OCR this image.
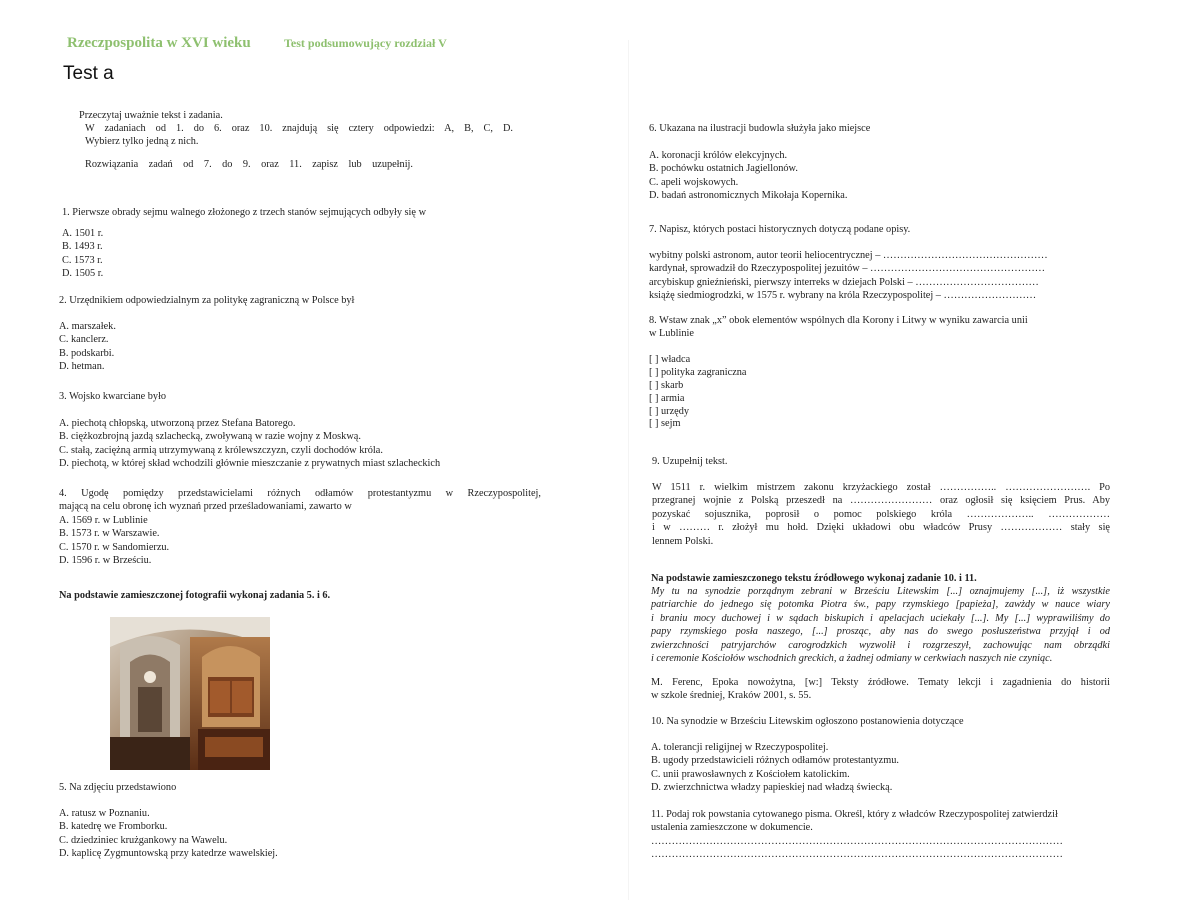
Rzeczpospolita w XVI wieku	Test podsumowujący rozdział V
Test a
Przeczytaj uważnie tekst i zadania.
W zadaniach od 1. do 6. oraz 10. znajdują się cztery odpowiedzi: A, B, C, D.
Wybierz tylko jedną z nich.
Rozwiązania zadań od 7. do 9. oraz 11. zapisz lub uzupełnij.
1. Pierwsze obrady sejmu walnego złożonego z trzech stanów sejmujących odbyły się w
A. 1501 r.
B. 1493 r.
C. 1573 r.
D. 1505 r.
2. Urzędnikiem odpowiedzialnym za politykę zagraniczną w Polsce był
A. marszałek.
C. kanclerz.
B. podskarbi.
D. hetman.
3. Wojsko kwarciane było
A. piechotą chłopską, utworzoną przez Stefana Batorego.
B. ciężkozbrojną jazdą szlachecką, zwoływaną w razie wojny z Moskwą.
C. stałą, zaciężną armią utrzymywaną z królewszczyzn, czyli dochodów króla.
D. piechotą, w której skład wchodzili głównie mieszczanie z prywatnych miast szlacheckich
4. Ugodę pomiędzy przedstawicielami różnych odłamów protestantyzmu w Rzeczypospolitej,
mającą na celu obronę ich wyznań przed prześladowaniami, zawarto w
A. 1569 r. w Lublinie
B. 1573 r. w Warszawie.
C. 1570 r. w Sandomierzu.
D. 1596 r. w Brześciu.
Na podstawie zamieszczonej fotografii wykonaj zadania 5. i 6.
5. Na zdjęciu przedstawiono
A. ratusz w Poznaniu.
B. katedrę we Fromborku.
C. dziedziniec krużgankowy na Wawelu.
D. kaplicę Zygmuntowską przy katedrze wawelskiej.
6. Ukazana na ilustracji budowla służyła jako miejsce
A. koronacji królów elekcyjnych.
B. pochówku ostatnich Jagiellonów.
C. apeli wojskowych.
D. badań astronomicznych Mikołaja Kopernika.
7. Napisz, których postaci historycznych dotyczą podane opisy.
wybitny polski astronom, autor teorii heliocentrycznej – …………………………………………
kardynał, sprowadził do Rzeczypospolitej jezuitów – ……………………………………………
arcybiskup gnieźnieński, pierwszy interreks w dziejach Polski – ………………………………
książę siedmiogrodzki, w 1575 r. wybrany na króla Rzeczypospolitej – ………………………
8. Wstaw znak „x” obok elementów wspólnych dla Korony i Litwy w wyniku zawarcia unii
w Lublinie
[ ] władca
[ ] polityka zagraniczna
[ ] skarb
[ ] armia
[ ] urzędy
[ ] sejm
9. Uzupełnij tekst.
W 1511 r. wielkim mistrzem zakonu krzyżackiego został …………….. ……………………. Po
przegranej wojnie z Polską przeszedł na …………………… oraz ogłosił się księciem Prus. Aby
pozyskać sojusznika, poprosił o pomoc polskiego króla ……………….. ………………
i w ……… r. złożył mu hołd. Dzięki układowi obu władców Prusy ……………… stały się
lennem Polski.
Na podstawie zamieszczonego tekstu źródłowego wykonaj zadanie 10. i 11.
My tu na synodzie porządnym zebrani w Brześciu Litewskim [...] oznajmujemy [...], iż wszystkie
patriarchie do jednego się potomka Piotra św., papy rzymskiego [papieża], zawżdy w nauce wiary
i braniu mocy duchowej i w sądach biskupich i apelacjach uciekały [...]. My [...] wyprawiliśmy do
papy rzymskiego posła naszego, [...] prosząc, aby nas do swego posłuszeństwa przyjął i od
zwierzchności patryjarchów carogrodzkich wyzwolił i rozgrzeszył, zachowując nam obrządki
i ceremonie Kościołów wschodnich greckich, a żadnej odmiany w cerkwiach naszych nie czyniąc.
M. Ferenc, Epoka nowożytna, [w:] Teksty źródłowe. Tematy lekcji i zagadnienia do historii
w szkole średniej, Kraków 2001, s. 55.
10. Na synodzie w Brześciu Litewskim ogłoszono postanowienia dotyczące
A. tolerancji religijnej w Rzeczypospolitej.
B. ugody przedstawicieli różnych odłamów protestantyzmu.
C. unii prawosławnych z Kościołem katolickim.
D. zwierzchnictwa władzy papieskiej nad władzą świecką.
11. Podaj rok powstania cytowanego pisma. Określ, który z władców Rzeczypospolitej zatwierdził
ustalenia zamieszczone w dokumencie.
…………………………………………………………………………………………………………
…………………………………………………………………………………………………………
